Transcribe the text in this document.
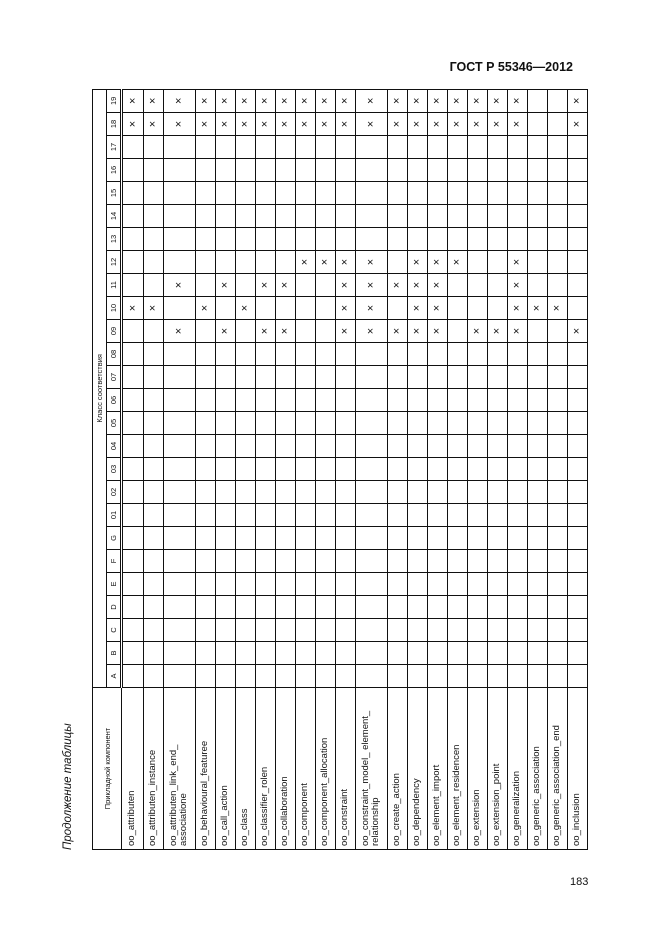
ГОСТ Р 55346—2012
Продолжение таблицы	Прикладной компонент	Класс соответствия																									
	A	B	C	D	E	F	G	01	02	03	04	05	06	07	08	09	10	11	12	13	14	15	16	17	18	19
oo_attributen																	×								×	×
oo_attributen_instance																	×								×	×
oo_attributen_link_end_ associatione																×		×							×	×
oo_behavioural_featuree																	×								×	×
oo_call_action																×		×							×	×
oo_class																	×								×	×
oo_classifier_rolen																×		×							×	×
oo_collaboration																×		×							×	×
oo_component																			×						×	×
oo_component_allocation																			×						×	×
oo_constraint																×	×	×	×						×	×
oo_constraint_model_ element_ relationship																×	×	×	×						×	×
oo_create_action																×		×							×	×
oo_dependency																×	×	×	×						×	×
oo_element_import																×	×	×	×						×	×
oo_element_residencen																			×						×	×
oo_extension																×									×	×
oo_extension_point																×									×	×
oo_generalization																×	×	×	×						×	×
oo_generic_association																	×									
oo_generic_association_end																	×									
oo_inclusion																×									×	×
183
